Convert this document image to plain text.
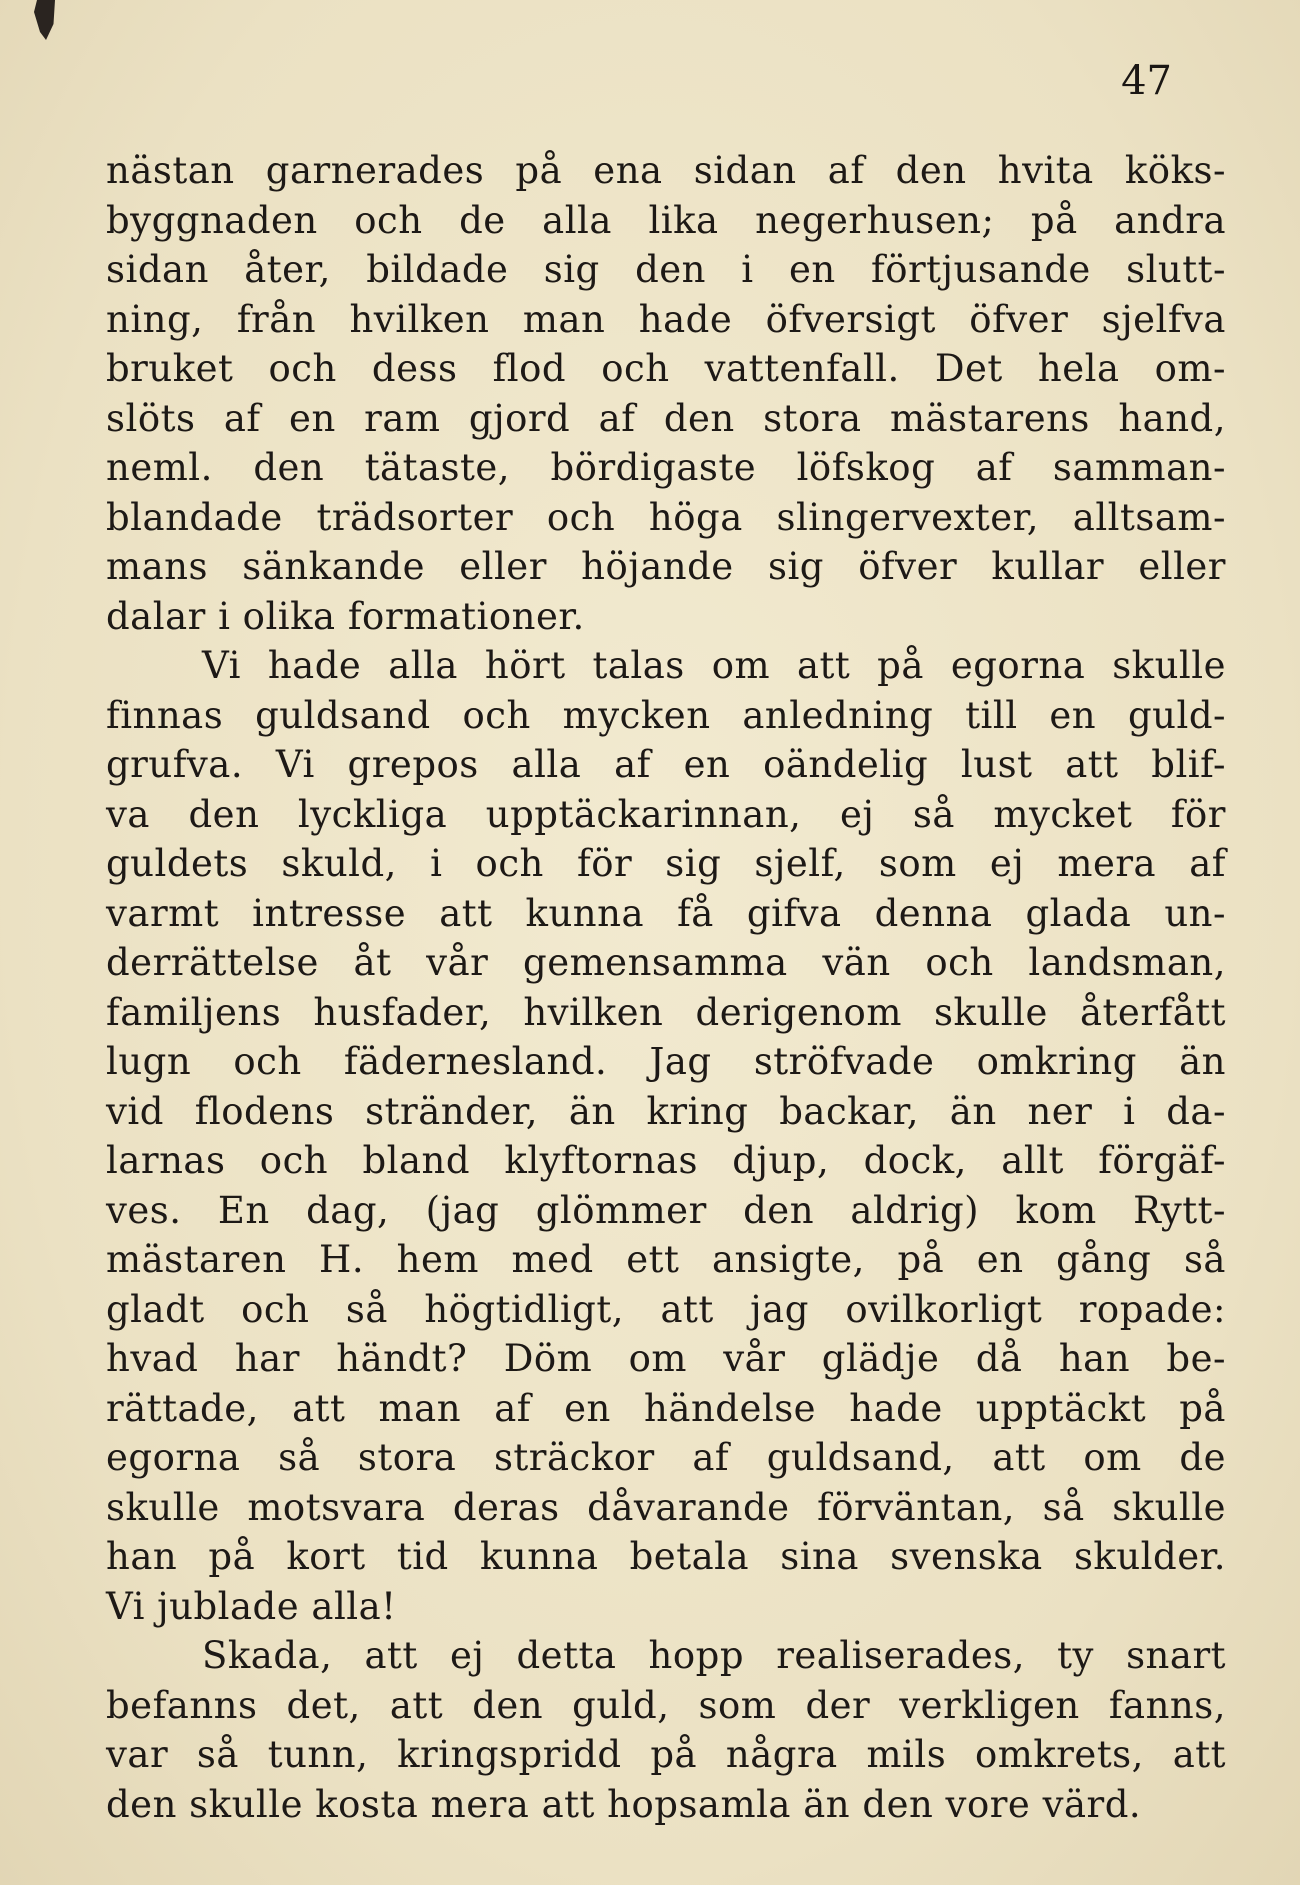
47
nästan garnerades på ena sidan af den hvita köks-
byggnaden och de alla lika negerhusen; på andra
sidan åter, bildade sig den i en förtjusande slutt-
ning, från hvilken man hade öfversigt öfver sjelfva
bruket och dess flod och vattenfall. Det hela om-
slöts af en ram gjord af den stora mästarens hand,
neml. den tätaste, bördigaste löfskog af samman-
blandade trädsorter och höga slingervexter, alltsam-
mans sänkande eller höjande sig öfver kullar eller
dalar i olika formationer.
Vi hade alla hört talas om att på egorna skulle
finnas guldsand och mycken anledning till en guld-
grufva. Vi grepos alla af en oändelig lust att blif-
va den lyckliga upptäckarinnan, ej så mycket för
guldets skuld, i och för sig sjelf, som ej mera af
varmt intresse att kunna få gifva denna glada un-
derrättelse åt vår gemensamma vän och landsman,
familjens husfader, hvilken derigenom skulle återfått
lugn och fädernesland. Jag ströfvade omkring än
vid flodens stränder, än kring backar, än ner i da-
larnas och bland klyftornas djup, dock, allt förgäf-
ves. En dag, (jag glömmer den aldrig) kom Rytt-
mästaren H. hem med ett ansigte, på en gång så
gladt och så högtidligt, att jag ovilkorligt ropade:
hvad har händt? Döm om vår glädje då han be-
rättade, att man af en händelse hade upptäckt på
egorna så stora sträckor af guldsand, att om de
skulle motsvara deras dåvarande förväntan, så skulle
han på kort tid kunna betala sina svenska skulder.
Vi jublade alla!
Skada, att ej detta hopp realiserades, ty snart
befanns det, att den guld, som der verkligen fanns,
var så tunn, kringspridd på några mils omkrets, att
den skulle kosta mera att hopsamla än den vore värd.
